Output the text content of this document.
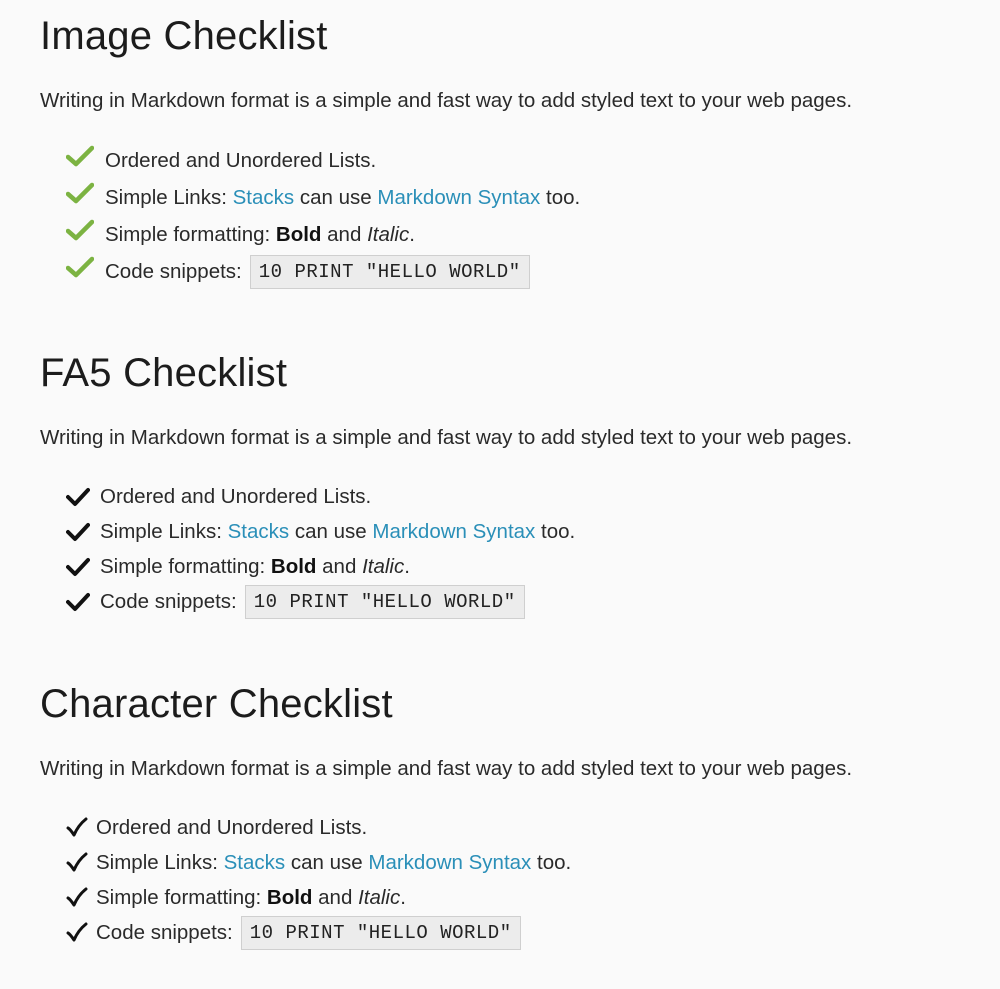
Image Checklist

Writing in Markdown format is a simple and fast way to add styled text to your web pages.

Ordered and Unordered Lists.
Simple Links:
Stacks
can use
Markdown Syntax
too.
Simple formatting:
Bold
and
Italic .
Code snippets: 10 PRINT "HELLO WORLD"
FA5 Checklist

Writing in Markdown format is a simple and fast way to add styled text to your web pages.

Ordered and Unordered Lists.
Simple Links:
Stacks
can use
Markdown Syntax
too.
Simple formatting:
Bold
and
Italic .
Code snippets: 10 PRINT "HELLO WORLD"
Character Checklist

Writing in Markdown format is a simple and fast way to add styled text to your web pages.

Ordered and Unordered Lists.
Simple Links:
Stacks
can use
Markdown Syntax
too.
Simple formatting:
Bold
and
Italic .
Code snippets: 10 PRINT "HELLO WORLD"
